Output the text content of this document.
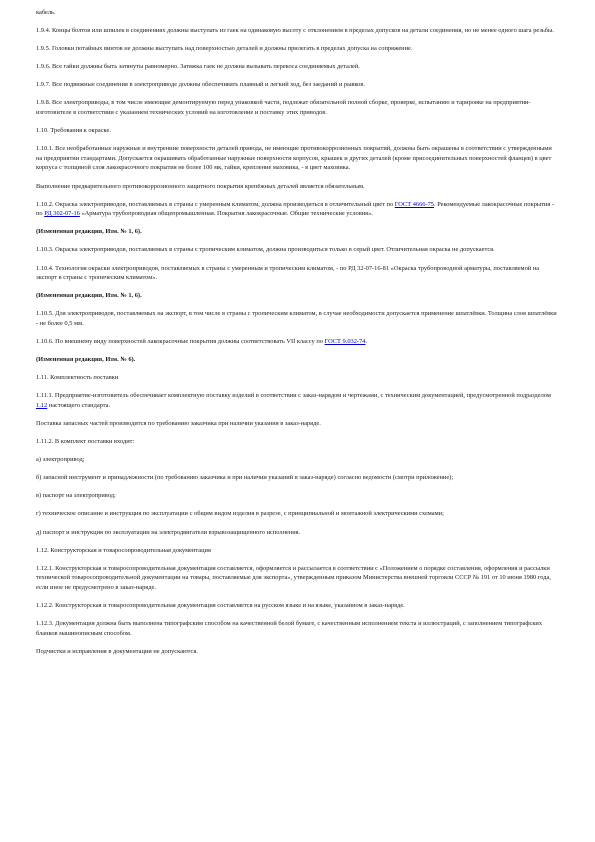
кабель.

1.9.4. Концы болтов или шпилек в соединениях должны выступать из гаек на одинаковую высоту с отклонением в пределах допусков на детали соединения, но не менее одного шага резьбы.

1.9.5. Головки потайных винтов не должны выступать над поверхностью деталей и должны прилегать в пределах допуска на сопряжение.

1.9.6. Все гайки должны быть затянуты равномерно. Затяжка гаек не должна вызывать перекоса соединяемых деталей.

1.9.7. Все подвижные соединения в электроприводе должны обеспечивать плавный и легкий ход, без заеданий и рывков.

1.9.8. Все электроприводы, в том числе имеющие демонтируемую перед упаковкой части, подлежат обязательной полной сборке, проверке, испытанию и тарировке на предприятии-изготовителе в соответствии с указанием технических условий на изготовление и поставку этих приводов.

1.10. Требования к окраске.

1.10.1. Все необработанные наружные и внутренние поверхности деталей привода, не имеющие противокоррозионных покрытий, должны быть окрашены в соответствии с утвержденными на предприятии стандартами. Допускается окрашивать обработанные наружные поверхности корпусов, крышек и других деталей (кроме присоединительных поверхностей фланцев) в цвет корпуса с толщиной слоя лакокрасочного покрытия не более 100 мк, гайки, крепление маховика, - в цвет маховика.

Выполнение предварительного противокоррозионного защитного покрытия крепёжных деталей является обязательным.

1.10.2. Окраска электроприводов, поставляемых в страны с умеренным климатом, должна производиться в отличительный цвет по ГОСТ 4666-75. Рекомендуемые лакокрасочные покрытия - по РД 302-07-16 «Арматура трубопроводная общепромышленная. Покрытия лакокрасочные. Общие технические условия».

(Измененная редакция, Изм. № 1, 6).

1.10.3. Окраска электроприводов, поставляемых в страны с тропическим климатом, должна производиться только в серый цвет. Отличительная окраска не допускается.

1.10.4. Технология окраски электроприводов, поставляемых в страны с умеренным и тропическим климатом, - по РД 32-07-16-81 «Окраска трубопроводной арматуры, поставляемой на экспорт в страны с тропическим климатом».

(Измененная редакция, Изм. № 1, 6).

1.10.5. Для электроприводов, поставляемых на экспорт, в том числе в страны с тропическим климатом, в случае необходимости допускается применение шпатлёвки. Толщина слоя шпатлёвки - не более 0,5 мм.

1.10.6. По внешнему виду поверхностей лакокрасочные покрытия должны соответствовать VII классу по ГОСТ 9.032-74.

(Измененная редакция, Изм. № 6).

1.11. Комплектность поставки

1.11.1. Предприятие-изготовитель обеспечивает комплектную поставку изделий в соответствии с заказ-нарядом и чертежами, с техническим документацией, предусмотренной подразделом 1.12 настоящего стандарта.

Поставка запасных частей производится по требованию заказчика при наличии указания в заказ-наряде.

1.11.2. В комплект поставки входит:

а) электропривод;

б) запасной инструмент и принадлежности (по требованию заказчика и при наличии указаний в заказ-наряде) согласно ведомости (смотри приложение);

в) паспорт на электропривод;

г) техническое описание и инструкция по эксплуатации с общим видом изделия в разрезе, с принципиальной и монтажной электрическими схемами;

д) паспорт и инструкция по эксплуатации на электродвигатели взрывозащищенного исполнения.

1.12. Конструкторская и товаросопроводительная документация

1.12.1. Конструкторская и товаросопроводительная документация составляется, оформляется и рассылается в соответствии с «Положением о порядке составления, оформления и рассылки технической товаросопроводительной документации на товары, поставляемые для экспорта», утвержденным приказом Министерства внешней торговли СССР № 191 от 10 июня 1980 года, если иное не предусмотрено в заказ-наряде.

1.12.2. Конструкторская и товаросопроводительная документация составляется на русском языке и на языке, указанном в заказ-наряде.

1.12.3. Документация должна быть выполнена типографским способом на качественной белой бумаге, с качественным исполнением текста и иллюстраций, с заполнением типографских бланков машинописным способом.

Подчистки и исправления в документации не допускаются.
